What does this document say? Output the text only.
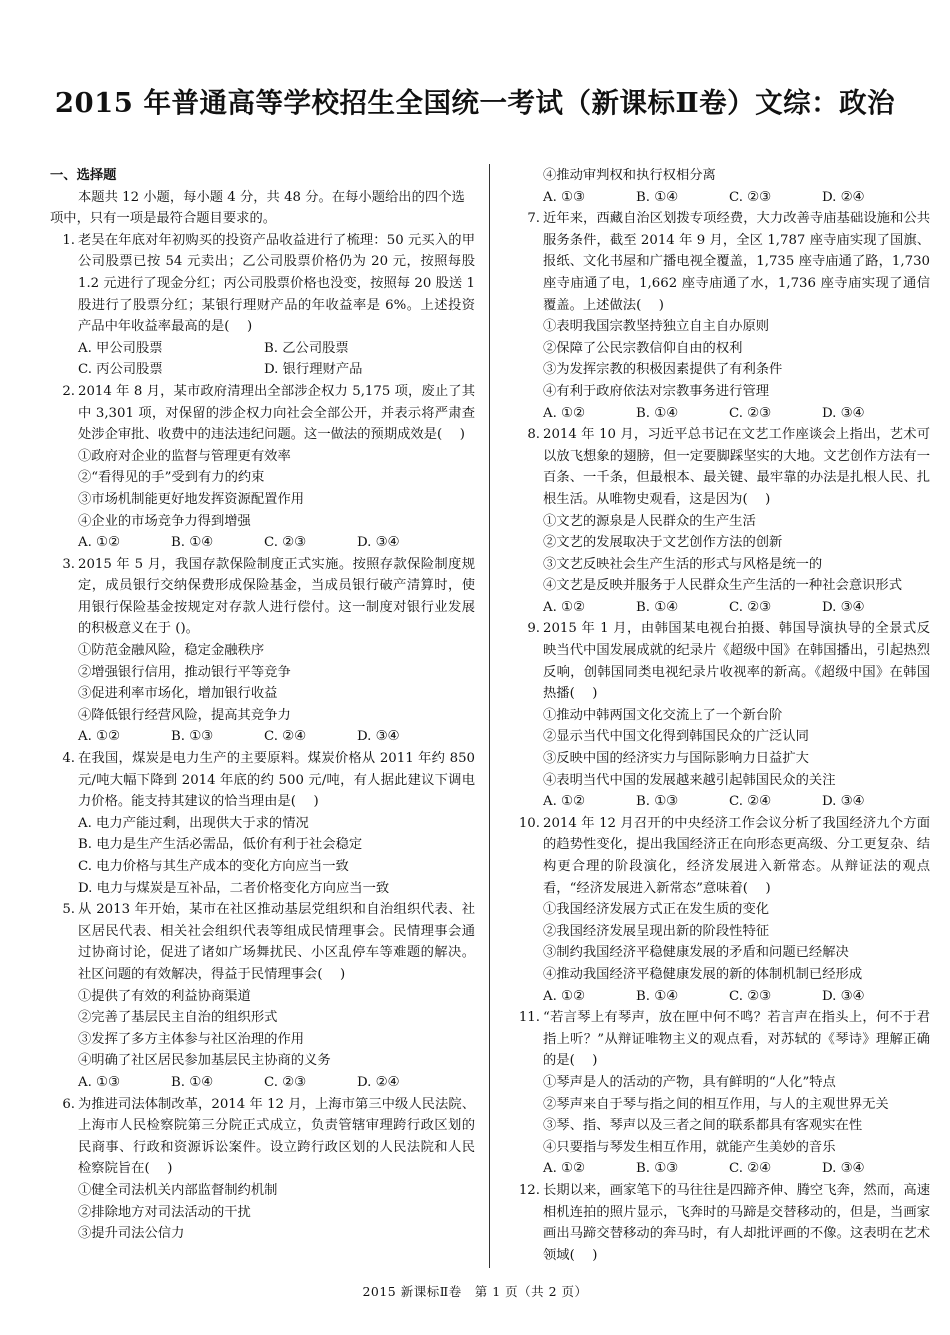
2015 年普通高等学校招生全国统一考试（新课标Ⅱ卷）文综：政治
一、选择题
本题共 12 小题，每小题 4 分，共 48 分。在每小题给出的四个选项中，只有一项是最符合题目要求的。
1. 老吴在年底对年初购买的投资产品收益进行了梳理：50 元买入的甲公司股票已按 54 元卖出；乙公司股票价格仍为 20 元，按照每股 1.2 元进行了现金分红；丙公司股票价格也没变，按照每 20 股送 1 股进行了股票分红；某银行理财产品的年收益率是 6%。上述投资产品中年收益率最高的是(　 )
A. 甲公司股票	B. 乙公司股票
C. 丙公司股票	D. 银行理财产品
2. 2014 年 8 月，某市政府清理出全部涉企权力 5,175 项，废止了其中 3,301 项，对保留的涉企权力向社会全部公开，并表示将严肃查处涉企审批、收费中的违法违纪问题。这一做法的预期成效是(　 )
①政府对企业的监督与管理更有效率
②“看得见的手”受到有力的约束
③市场机制能更好地发挥资源配置作用
④企业的市场竞争力得到增强
A. ①②	B. ①④	C. ②③	D. ③④
3. 2015 年 5 月，我国存款保险制度正式实施。按照存款保险制度规定，成员银行交纳保费形成保险基金，当成员银行破产清算时，使用银行保险基金按规定对存款人进行偿付。这一制度对银行业发展的积极意义在于 ()。
①防范金融风险，稳定金融秩序
②增强银行信用，推动银行平等竞争
③促进利率市场化，增加银行收益
④降低银行经营风险，提高其竞争力
A. ①②	B. ①③	C. ②④	D. ③④
4. 在我国，煤炭是电力生产的主要原料。煤炭价格从 2011 年约 850 元/吨大幅下降到 2014 年底的约 500 元/吨，有人据此建议下调电力价格。能支持其建议的恰当理由是(　 )
A. 电力产能过剩，出现供大于求的情况
B. 电力是生产生活必需品，低价有利于社会稳定
C. 电力价格与其生产成本的变化方向应当一致
D. 电力与煤炭是互补品，二者价格变化方向应当一致
5. 从 2013 年开始，某市在社区推动基层党组织和自治组织代表、社区居民代表、相关社会组织代表等组成民情理事会。民情理事会通过协商讨论，促进了诸如广场舞扰民、小区乱停车等难题的解决。社区问题的有效解决，得益于民情理事会(　 )
①提供了有效的利益协商渠道
②完善了基层民主自治的组织形式
③发挥了多方主体参与社区治理的作用
④明确了社区居民参加基层民主协商的义务
A. ①③	B. ①④	C. ②③	D. ②④
6. 为推进司法体制改革，2014 年 12 月，上海市第三中级人民法院、上海市人民检察院第三分院正式成立，负责管辖审理跨行政区划的民商事、行政和资源诉讼案件。设立跨行政区划的人民法院和人民检察院旨在(　 )
①健全司法机关内部监督制约机制
②排除地方对司法活动的干扰
③提升司法公信力
④推动审判权和执行权相分离
A. ①③	B. ①④	C. ②③	D. ②④
7. 近年来，西藏自治区划拨专项经费，大力改善寺庙基础设施和公共服务条件，截至 2014 年 9 月，全区 1,787 座寺庙实现了国旗、报纸、文化书屋和广播电视全覆盖，1,735 座寺庙通了路，1,730 座寺庙通了电，1,662 座寺庙通了水，1,736 座寺庙实现了通信覆盖。上述做法(　 )
①表明我国宗教坚持独立自主自办原则
②保障了公民宗教信仰自由的权利
③为发挥宗教的积极因素提供了有利条件
④有利于政府依法对宗教事务进行管理
A. ①②	B. ①④	C. ②③	D. ③④
8. 2014 年 10 月，习近平总书记在文艺工作座谈会上指出，艺术可以放飞想象的翅膀，但一定要脚踩坚实的大地。文艺创作方法有一百条、一千条，但最根本、最关键、最牢靠的办法是扎根人民、扎根生活。从唯物史观看，这是因为(　 )
①文艺的源泉是人民群众的生产生活
②文艺的发展取决于文艺创作方法的创新
③文艺反映社会生产生活的形式与风格是统一的
④文艺是反映并服务于人民群众生产生活的一种社会意识形式
A. ①②	B. ①④	C. ②③	D. ③④
9. 2015 年 1 月，由韩国某电视台拍摄、韩国导演执导的全景式反映当代中国发展成就的纪录片《超级中国》在韩国播出，引起热烈反响，创韩国同类电视纪录片收视率的新高。《超级中国》在韩国热播(　 )
①推动中韩两国文化交流上了一个新台阶
②显示当代中国文化得到韩国民众的广泛认同
③反映中国的经济实力与国际影响力日益扩大
④表明当代中国的发展越来越引起韩国民众的关注
A. ①②	B. ①③	C. ②④	D. ③④
10. 2014 年 12 月召开的中央经济工作会议分析了我国经济九个方面的趋势性变化，提出我国经济正在向形态更高级、分工更复杂、结构更合理的阶段演化，经济发展进入新常态。从辩证法的观点看，“经济发展进入新常态”意味着(　 )
①我国经济发展方式正在发生质的变化
②我国经济发展呈现出新的阶段性特征
③制约我国经济平稳健康发展的矛盾和问题已经解决
④推动我国经济平稳健康发展的新的体制机制已经形成
A. ①②	B. ①④	C. ②③	D. ③④
11. “若言琴上有琴声，放在匣中何不鸣？若言声在指头上，何不于君指上听？”从辩证唯物主义的观点看，对苏轼的《琴诗》理解正确的是(　 )
①琴声是人的活动的产物，具有鲜明的“人化”特点
②琴声来自于琴与指之间的相互作用，与人的主观世界无关
③琴、指、琴声以及三者之间的联系都具有客观实在性
④只要指与琴发生相互作用，就能产生美妙的音乐
A. ①②	B. ①③	C. ②④	D. ③④
12. 长期以来，画家笔下的马往往是四蹄齐伸、腾空飞奔，然而，高速相机连拍的照片显示，飞奔时的马蹄是交替移动的，但是，当画家画出马蹄交替移动的奔马时，有人却批评画的不像。这表明在艺术领域(　 )
2015 新课标Ⅱ卷　第 1 页（共 2 页）
